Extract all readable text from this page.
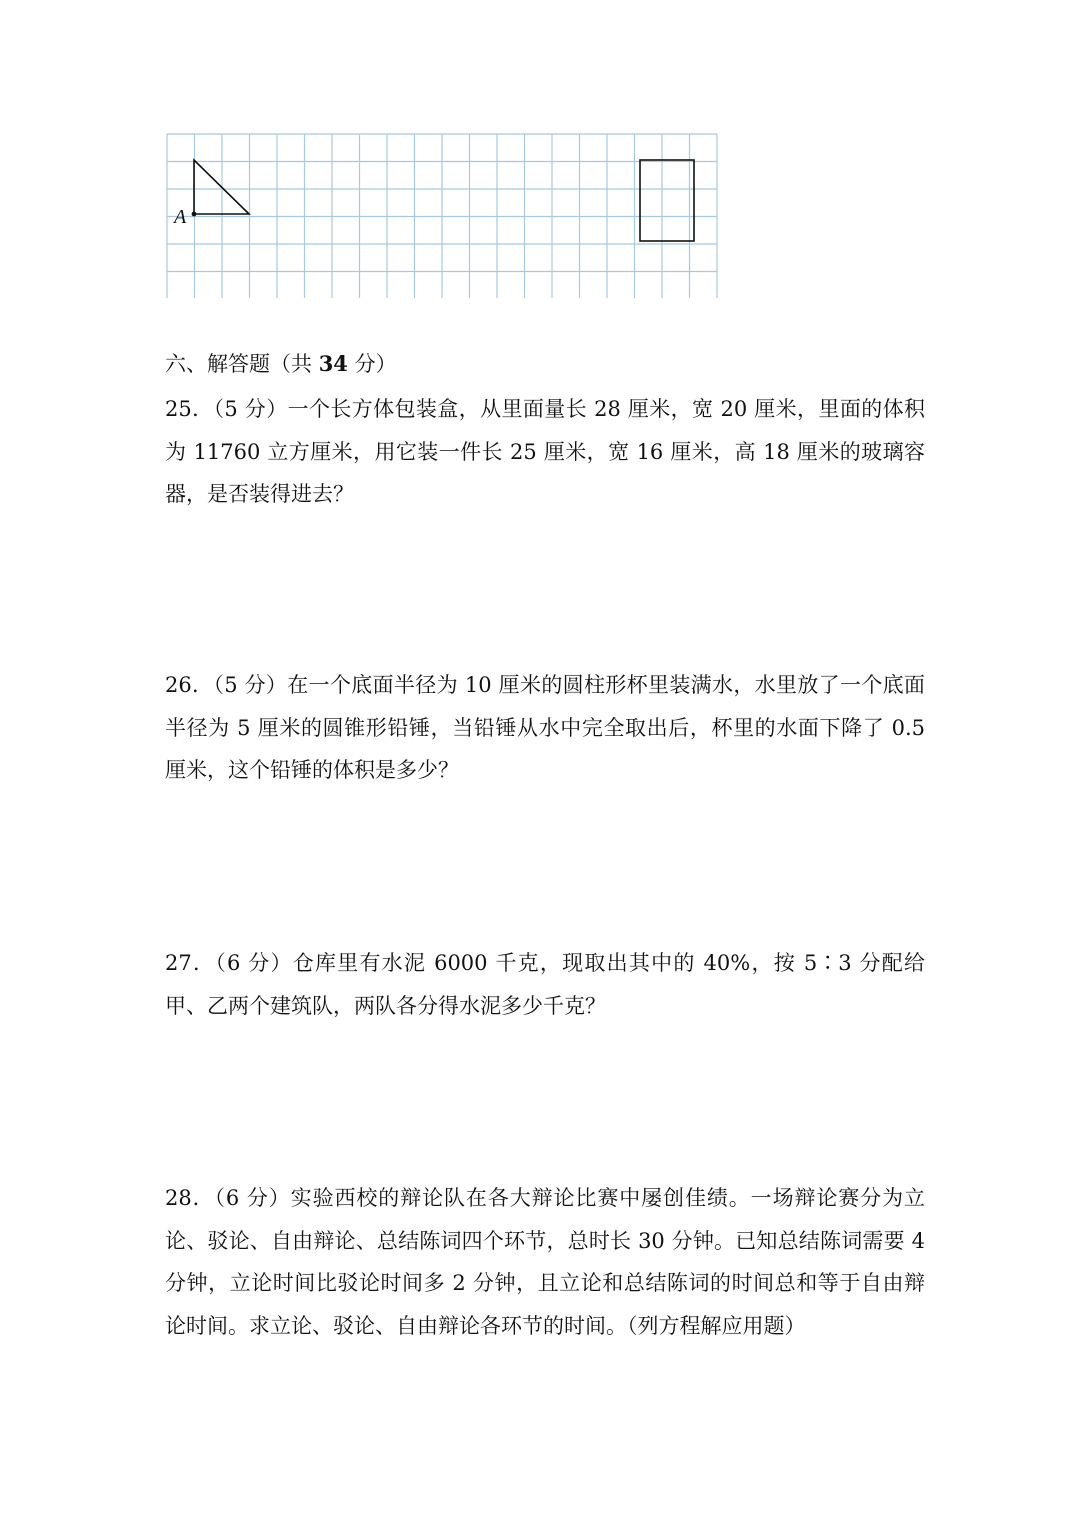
A
六、解答题（共 34 分）

25．（5 分）一个长方体包装盒，从里面量长 28 厘米，宽 20 厘米，里面的体积为 11760 立方厘米，用它装一件长 25 厘米，宽 16 厘米，高 18 厘米的玻璃容器，是否装得进去？

26．（5 分）在一个底面半径为 10 厘米的圆柱形杯里装满水，水里放了一个底面半径为 5 厘米的圆锥形铅锤，当铅锤从水中完全取出后，杯里的水面下降了 0.5 厘米，这个铅锤的体积是多少？

27．（6 分）仓库里有水泥 6000 千克，现取出其中的 40%，按 5∶3 分配给甲、乙两个建筑队，两队各分得水泥多少千克？

28．（6 分）实验西校的辩论队在各大辩论比赛中屡创佳绩。一场辩论赛分为立论、驳论、自由辩论、总结陈词四个环节，总时长 30 分钟。已知总结陈词需要 4 分钟，立论时间比驳论时间多 2 分钟，且立论和总结陈词的时间总和等于自由辩论时间。求立论、驳论、自由辩论各环节的时间。（列方程解应用题）
